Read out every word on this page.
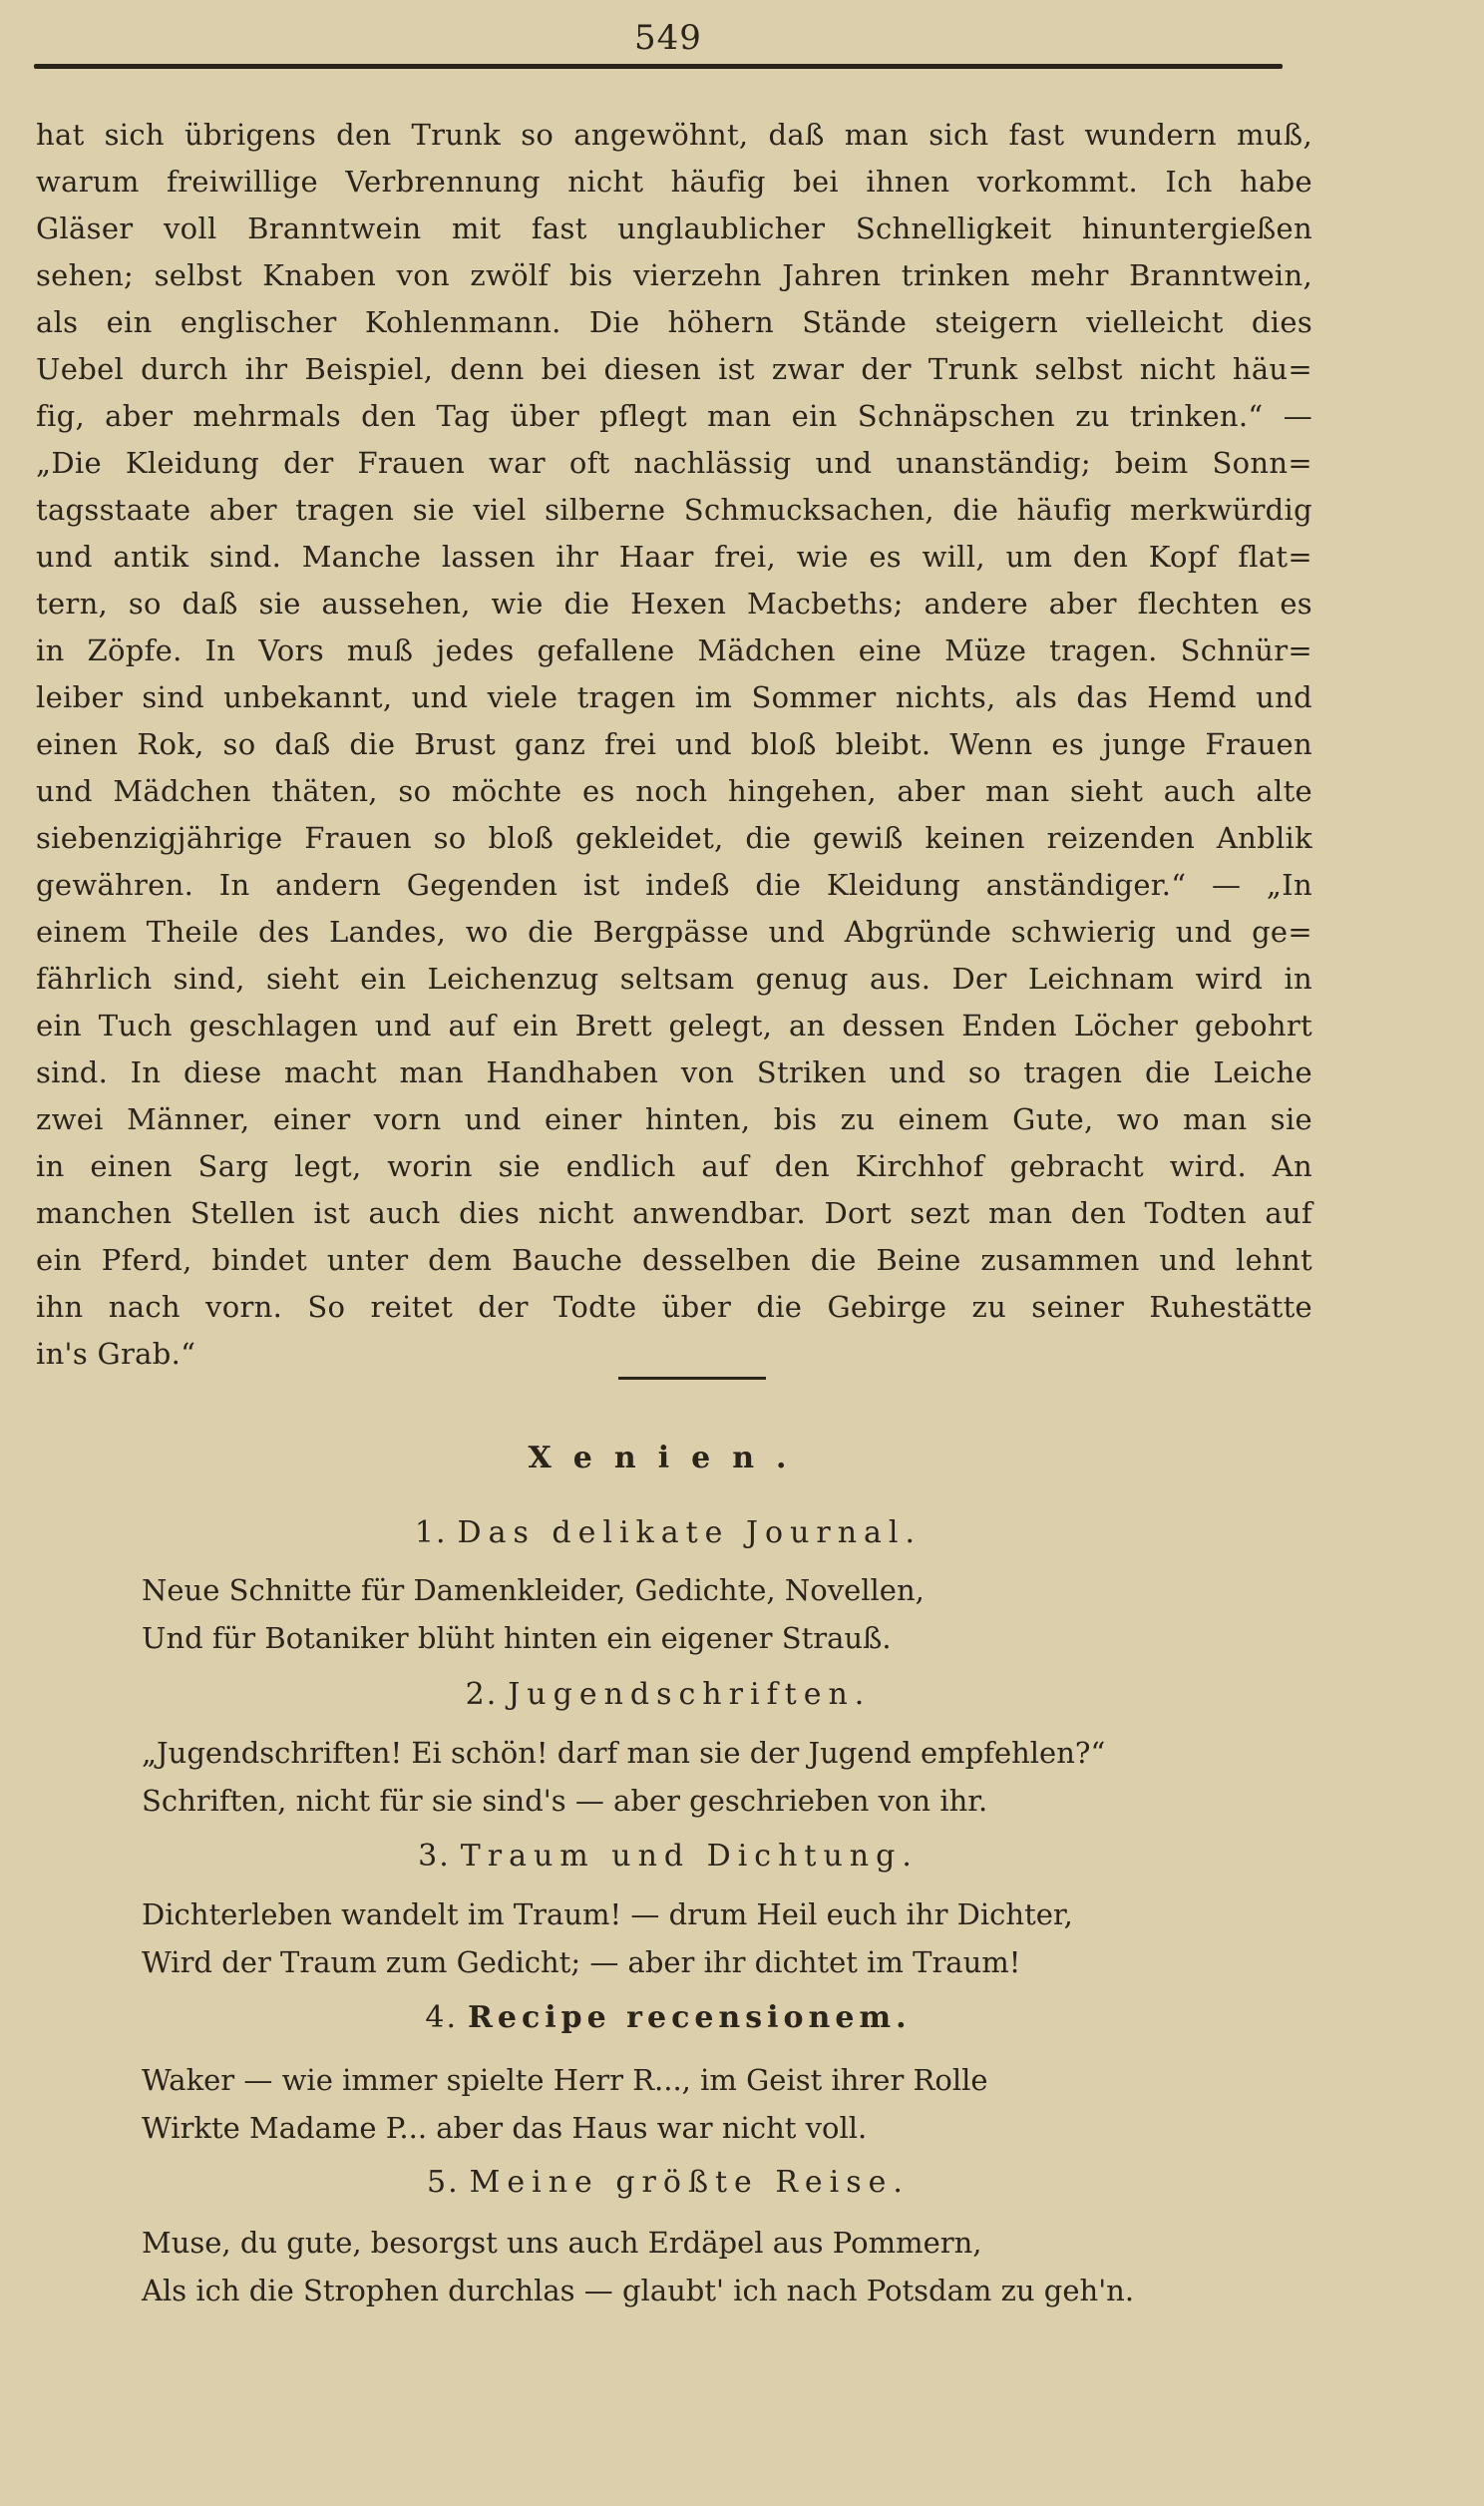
549
hat sich übrigens den Trunk so angewöhnt, daß man sich fast wundern muß,
warum freiwillige Verbrennung nicht häufig bei ihnen vorkommt. Ich habe
Gläser voll Branntwein mit fast unglaublicher Schnelligkeit hinuntergießen
sehen; selbst Knaben von zwölf bis vierzehn Jahren trinken mehr Branntwein,
als ein englischer Kohlenmann. Die höhern Stände steigern vielleicht dies
Uebel durch ihr Beispiel, denn bei diesen ist zwar der Trunk selbst nicht häu=
fig, aber mehrmals den Tag über pflegt man ein Schnäpschen zu trinken.“ —
„Die Kleidung der Frauen war oft nachlässig und unanständig; beim Sonn=
tagsstaate aber tragen sie viel silberne Schmucksachen, die häufig merkwürdig
und antik sind. Manche lassen ihr Haar frei, wie es will, um den Kopf flat=
tern, so daß sie aussehen, wie die Hexen Macbeths; andere aber flechten es
in Zöpfe. In Vors muß jedes gefallene Mädchen eine Müze tragen. Schnür=
leiber sind unbekannt, und viele tragen im Sommer nichts, als das Hemd und
einen Rok, so daß die Brust ganz frei und bloß bleibt. Wenn es junge Frauen
und Mädchen thäten, so möchte es noch hingehen, aber man sieht auch alte
siebenzigjährige Frauen so bloß gekleidet, die gewiß keinen reizenden Anblik
gewähren. In andern Gegenden ist indeß die Kleidung anständiger.“ — „In
einem Theile des Landes, wo die Bergpässe und Abgründe schwierig und ge=
fährlich sind, sieht ein Leichenzug seltsam genug aus. Der Leichnam wird in
ein Tuch geschlagen und auf ein Brett gelegt, an dessen Enden Löcher gebohrt
sind. In diese macht man Handhaben von Striken und so tragen die Leiche
zwei Männer, einer vorn und einer hinten, bis zu einem Gute, wo man sie
in einen Sarg legt, worin sie endlich auf den Kirchhof gebracht wird. An
manchen Stellen ist auch dies nicht anwendbar. Dort sezt man den Todten auf
ein Pferd, bindet unter dem Bauche desselben die Beine zusammen und lehnt
ihn nach vorn. So reitet der Todte über die Gebirge zu seiner Ruhestätte
in's Grab.“
Xenien.
1. Das delikate Journal.
Neue Schnitte für Damenkleider, Gedichte, Novellen,
Und für Botaniker blüht hinten ein eigener Strauß.
2. Jugendschriften.
„Jugendschriften! Ei schön! darf man sie der Jugend empfehlen?“
Schriften, nicht für sie sind's — aber geschrieben von ihr.
3. Traum und Dichtung.
Dichterleben wandelt im Traum! — drum Heil euch ihr Dichter,
Wird der Traum zum Gedicht; — aber ihr dichtet im Traum!
4. Recipe recensionem.
Waker — wie immer spielte Herr R..., im Geist ihrer Rolle
Wirkte Madame P... aber das Haus war nicht voll.
5. Meine größte Reise.
Muse, du gute, besorgst uns auch Erdäpel aus Pommern,
Als ich die Strophen durchlas — glaubt' ich nach Potsdam zu geh'n.
